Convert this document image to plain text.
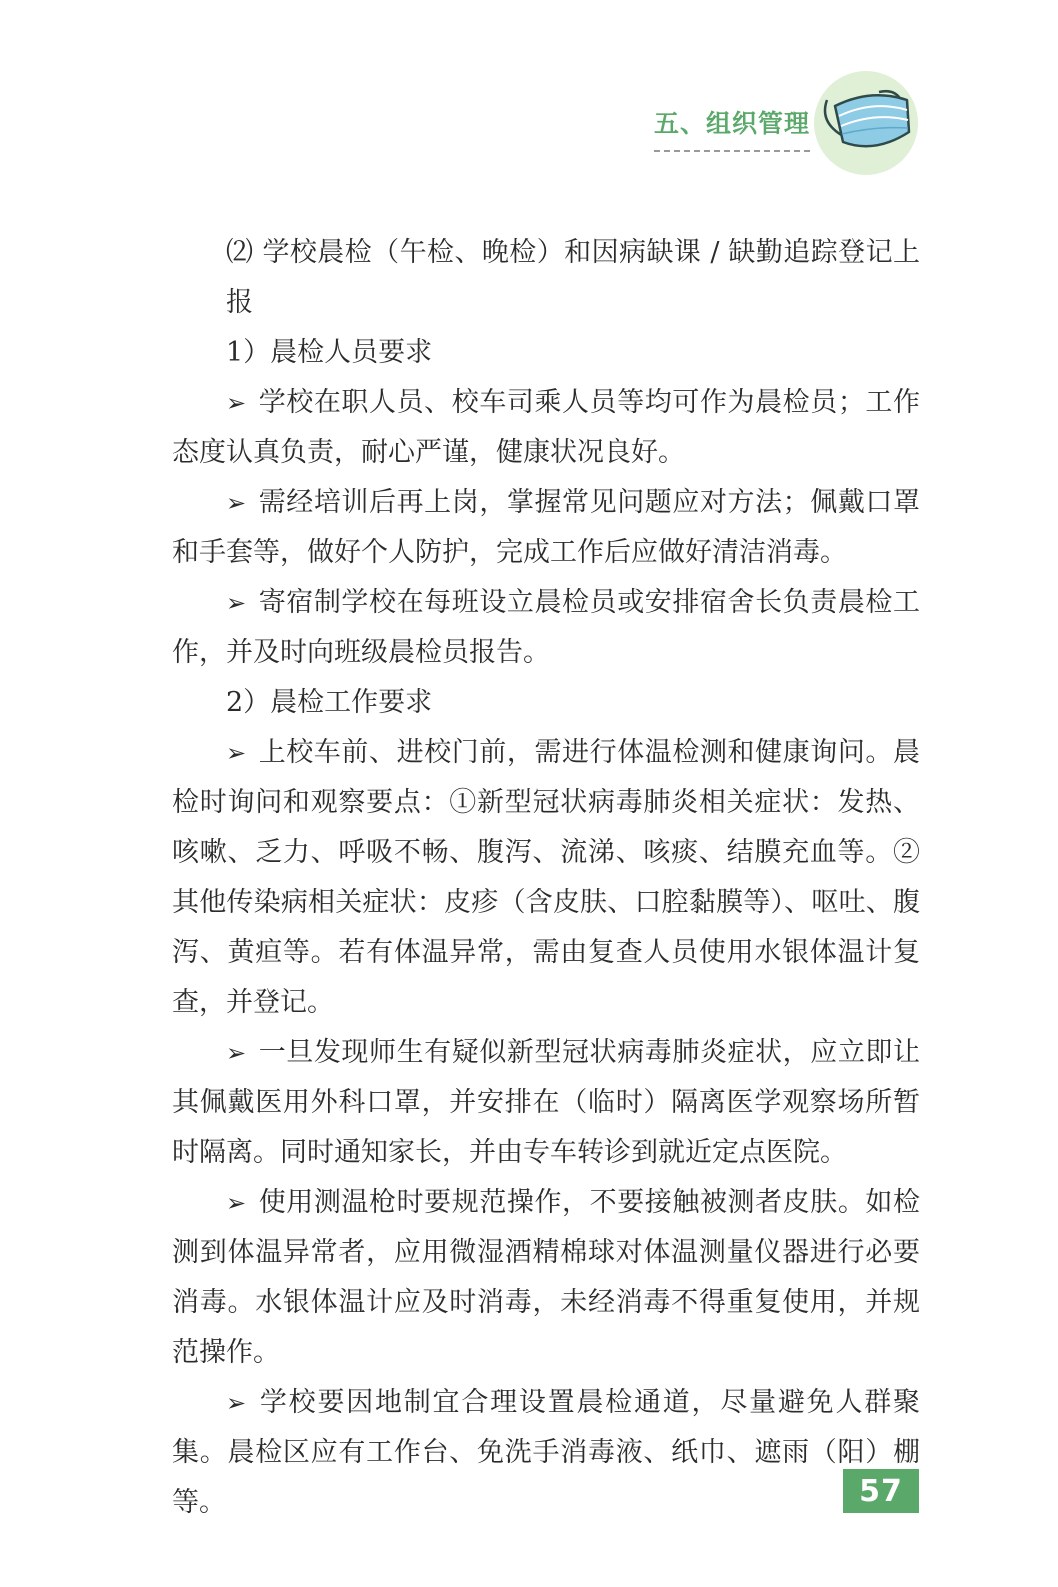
五、组织管理

⑵ 学校晨检（午检、晚检）和因病缺课 / 缺勤追踪登记上报

1）晨检人员要求

➢ 学校在职人员、校车司乘人员等均可作为晨检员；工作态度认真负责，耐心严谨，健康状况良好。

➢ 需经培训后再上岗，掌握常见问题应对方法；佩戴口罩和手套等，做好个人防护，完成工作后应做好清洁消毒。

➢ 寄宿制学校在每班设立晨检员或安排宿舍长负责晨检工作，并及时向班级晨检员报告。

2）晨检工作要求

➢ 上校车前、进校门前，需进行体温检测和健康询问。晨检时询问和观察要点：①新型冠状病毒肺炎相关症状：发热、咳嗽、乏力、呼吸不畅、腹泻、流涕、咳痰、结膜充血等。②其他传染病相关症状：皮疹（含皮肤、口腔黏膜等）、呕吐、腹泻、黄疸等。若有体温异常，需由复查人员使用水银体温计复查，并登记。

➢ 一旦发现师生有疑似新型冠状病毒肺炎症状，应立即让其佩戴医用外科口罩，并安排在（临时）隔离医学观察场所暂时隔离。同时通知家长，并由专车转诊到就近定点医院。

➢ 使用测温枪时要规范操作，不要接触被测者皮肤。如检测到体温异常者，应用微湿酒精棉球对体温测量仪器进行必要消毒。水银体温计应及时消毒，未经消毒不得重复使用，并规范操作。

➢ 学校要因地制宜合理设置晨检通道，尽量避免人群聚集。晨检区应有工作台、免洗手消毒液、纸巾、遮雨（阳）棚等。	57
